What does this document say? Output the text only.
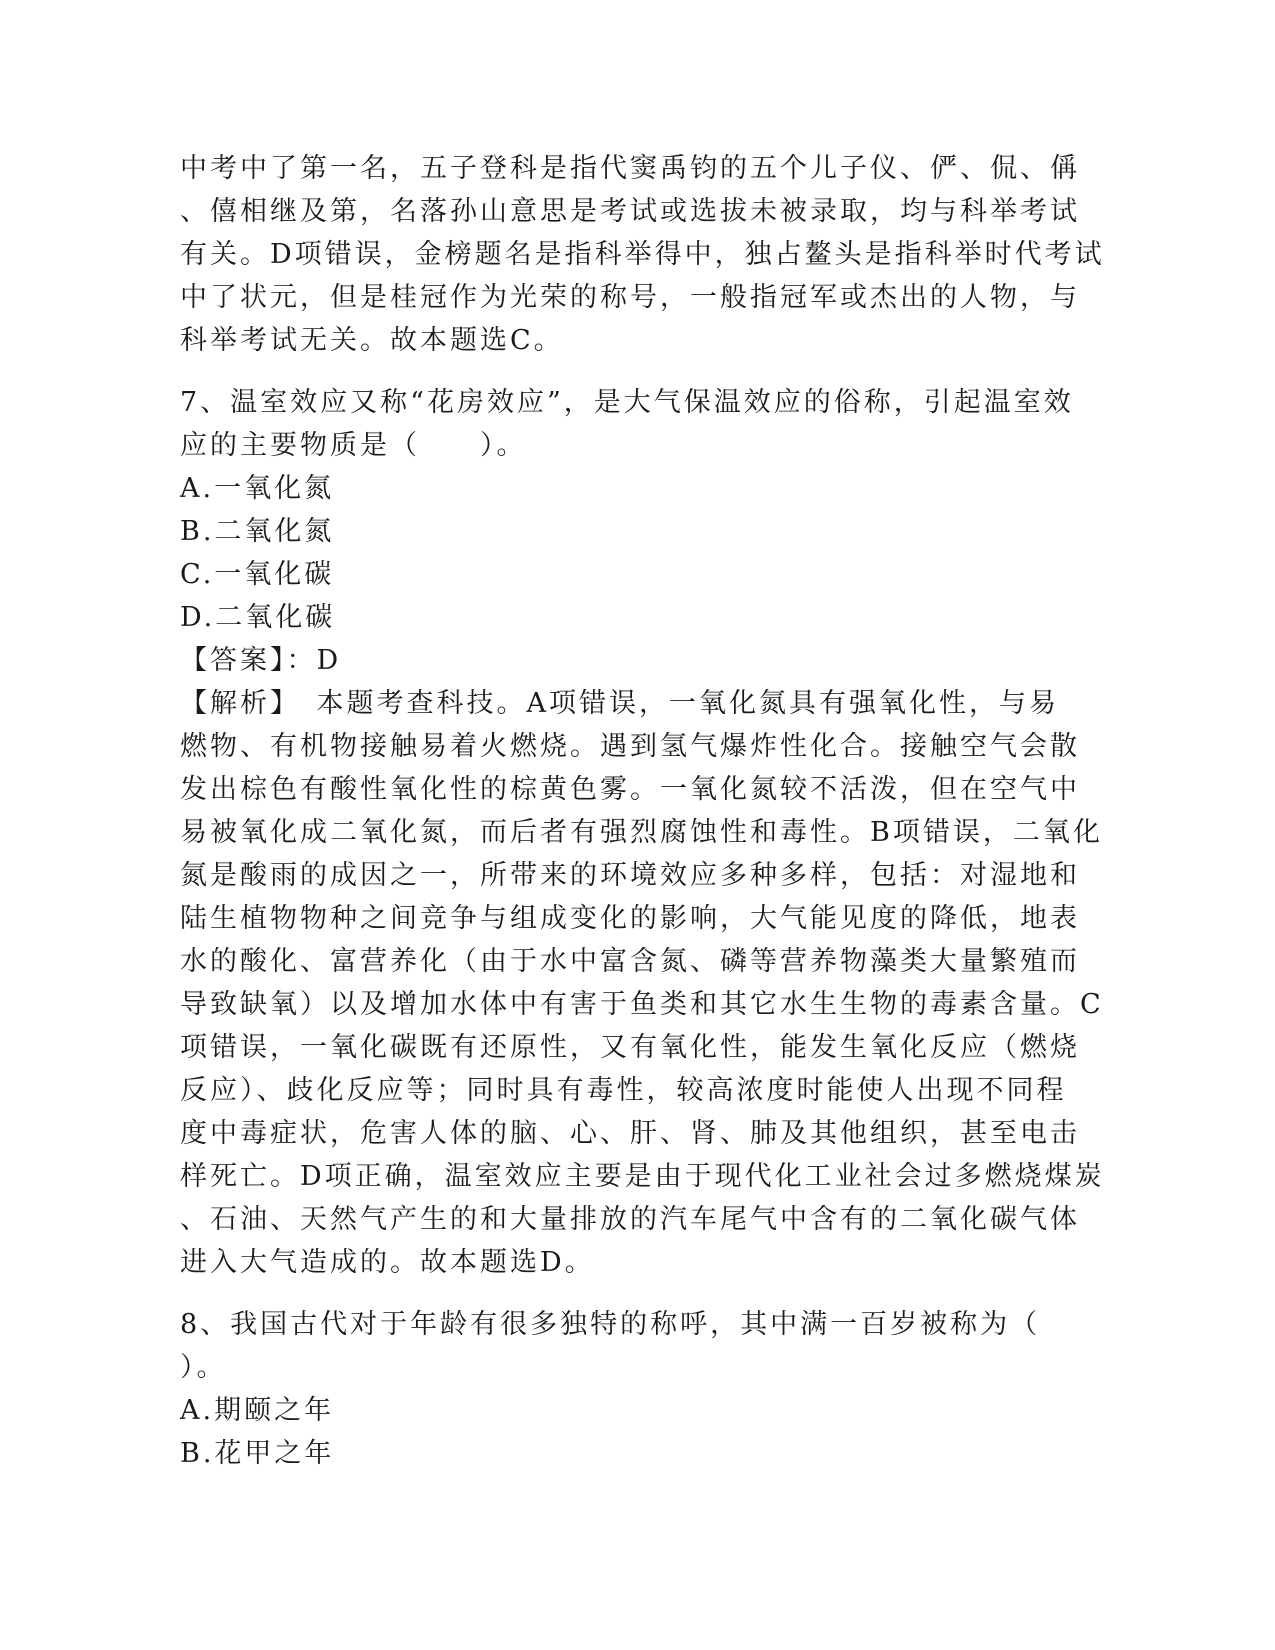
中考中了第一名，五子登科是指代窦禹钧的五个儿子仪、俨、侃、偁
、僖相继及第，名落孙山意思是考试或选拔未被录取，均与科举考试
有关。D项错误，金榜题名是指科举得中，独占鳌头是指科举时代考试
中了状元，但是桂冠作为光荣的称号，一般指冠军或杰出的人物，与
科举考试无关。故本题选C。
7、温室效应又称“花房效应”，是大气保温效应的俗称，引起温室效
应的主要物质是（　　）。
A.一氧化氮
B.二氧化氮
C.一氧化碳
D.二氧化碳
【答案】：D
【解析】　本题考查科技。A项错误，一氧化氮具有强氧化性，与易
燃物、有机物接触易着火燃烧。遇到氢气爆炸性化合。接触空气会散
发出棕色有酸性氧化性的棕黄色雾。一氧化氮较不活泼，但在空气中
易被氧化成二氧化氮，而后者有强烈腐蚀性和毒性。B项错误，二氧化
氮是酸雨的成因之一，所带来的环境效应多种多样，包括：对湿地和
陆生植物物种之间竞争与组成变化的影响，大气能见度的降低，地表
水的酸化、富营养化（由于水中富含氮、磷等营养物藻类大量繁殖而
导致缺氧）以及增加水体中有害于鱼类和其它水生生物的毒素含量。C
项错误，一氧化碳既有还原性，又有氧化性，能发生氧化反应（燃烧
反应）、歧化反应等；同时具有毒性，较高浓度时能使人出现不同程
度中毒症状，危害人体的脑、心、肝、肾、肺及其他组织，甚至电击
样死亡。D项正确，温室效应主要是由于现代化工业社会过多燃烧煤炭
、石油、天然气产生的和大量排放的汽车尾气中含有的二氧化碳气体
进入大气造成的。故本题选D。
8、我国古代对于年龄有很多独特的称呼，其中满一百岁被称为（
）。
A.期颐之年
B.花甲之年
